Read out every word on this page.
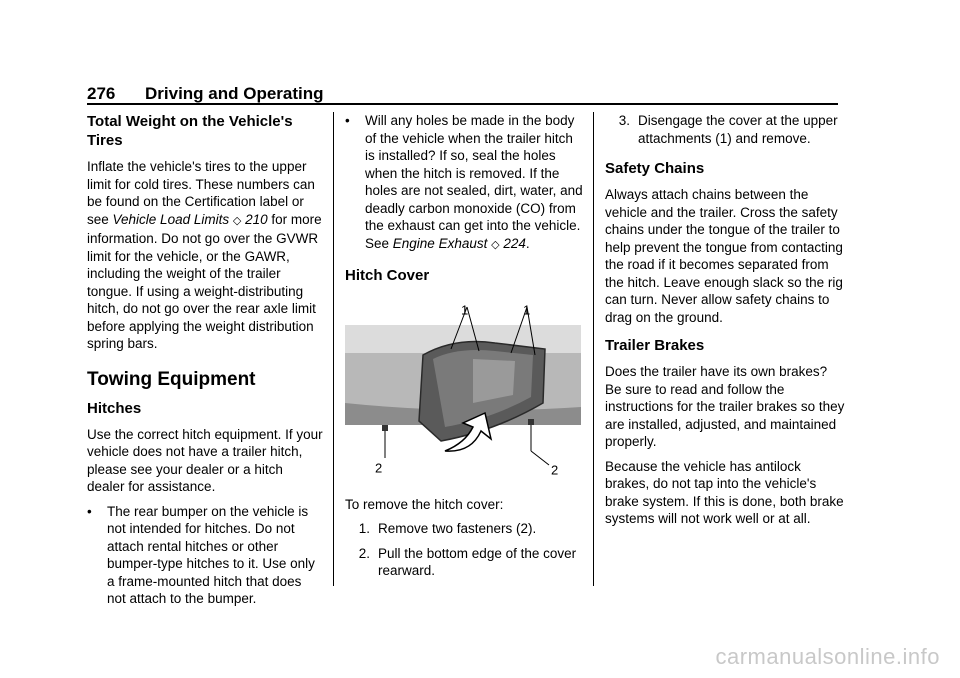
276 Driving and Operating
Total Weight on the Vehicle's Tires

Inflate the vehicle's tires to the upper limit for cold tires. These numbers can be found on the Certification label or see Vehicle Load Limits ◇ 210 for more information. Do not go over the GVWR limit for the vehicle, or the GAWR, including the weight of the trailer tongue. If using a weight-distributing hitch, do not go over the rear axle limit before applying the weight distribution spring bars.

Towing Equipment
Hitches

Use the correct hitch equipment. If your vehicle does not have a trailer hitch, please see your dealer or a hitch dealer for assistance.

•	The rear bumper on the vehicle is not intended for hitches. Do not attach rental hitches or other bumper-type hitches to it. Use only a frame-mounted hitch that does not attach to the bumper.
•	Will any holes be made in the body of the vehicle when the trailer hitch is installed? If so, seal the holes when the hitch is removed. If the holes are not sealed, dirt, water, and deadly carbon monoxide (CO) from the exhaust can get into the vehicle. See Engine Exhaust ◇ 224.
Hitch Cover
1	1
2	2

To remove the hitch cover:

1. Remove two fasteners (2).
2. Pull the bottom edge of the cover rearward.
3. Disengage the cover at the upper attachments (1) and remove.
Safety Chains

Always attach chains between the vehicle and the trailer. Cross the safety chains under the tongue of the trailer to help prevent the tongue from contacting the road if it becomes separated from the hitch. Leave enough slack so the rig can turn. Never allow safety chains to drag on the ground.

Trailer Brakes

Does the trailer have its own brakes? Be sure to read and follow the instructions for the trailer brakes so they are installed, adjusted, and maintained properly.

Because the vehicle has antilock brakes, do not tap into the vehicle's brake system. If this is done, both brake systems will not work well or at all.

carmanualsonline.info
